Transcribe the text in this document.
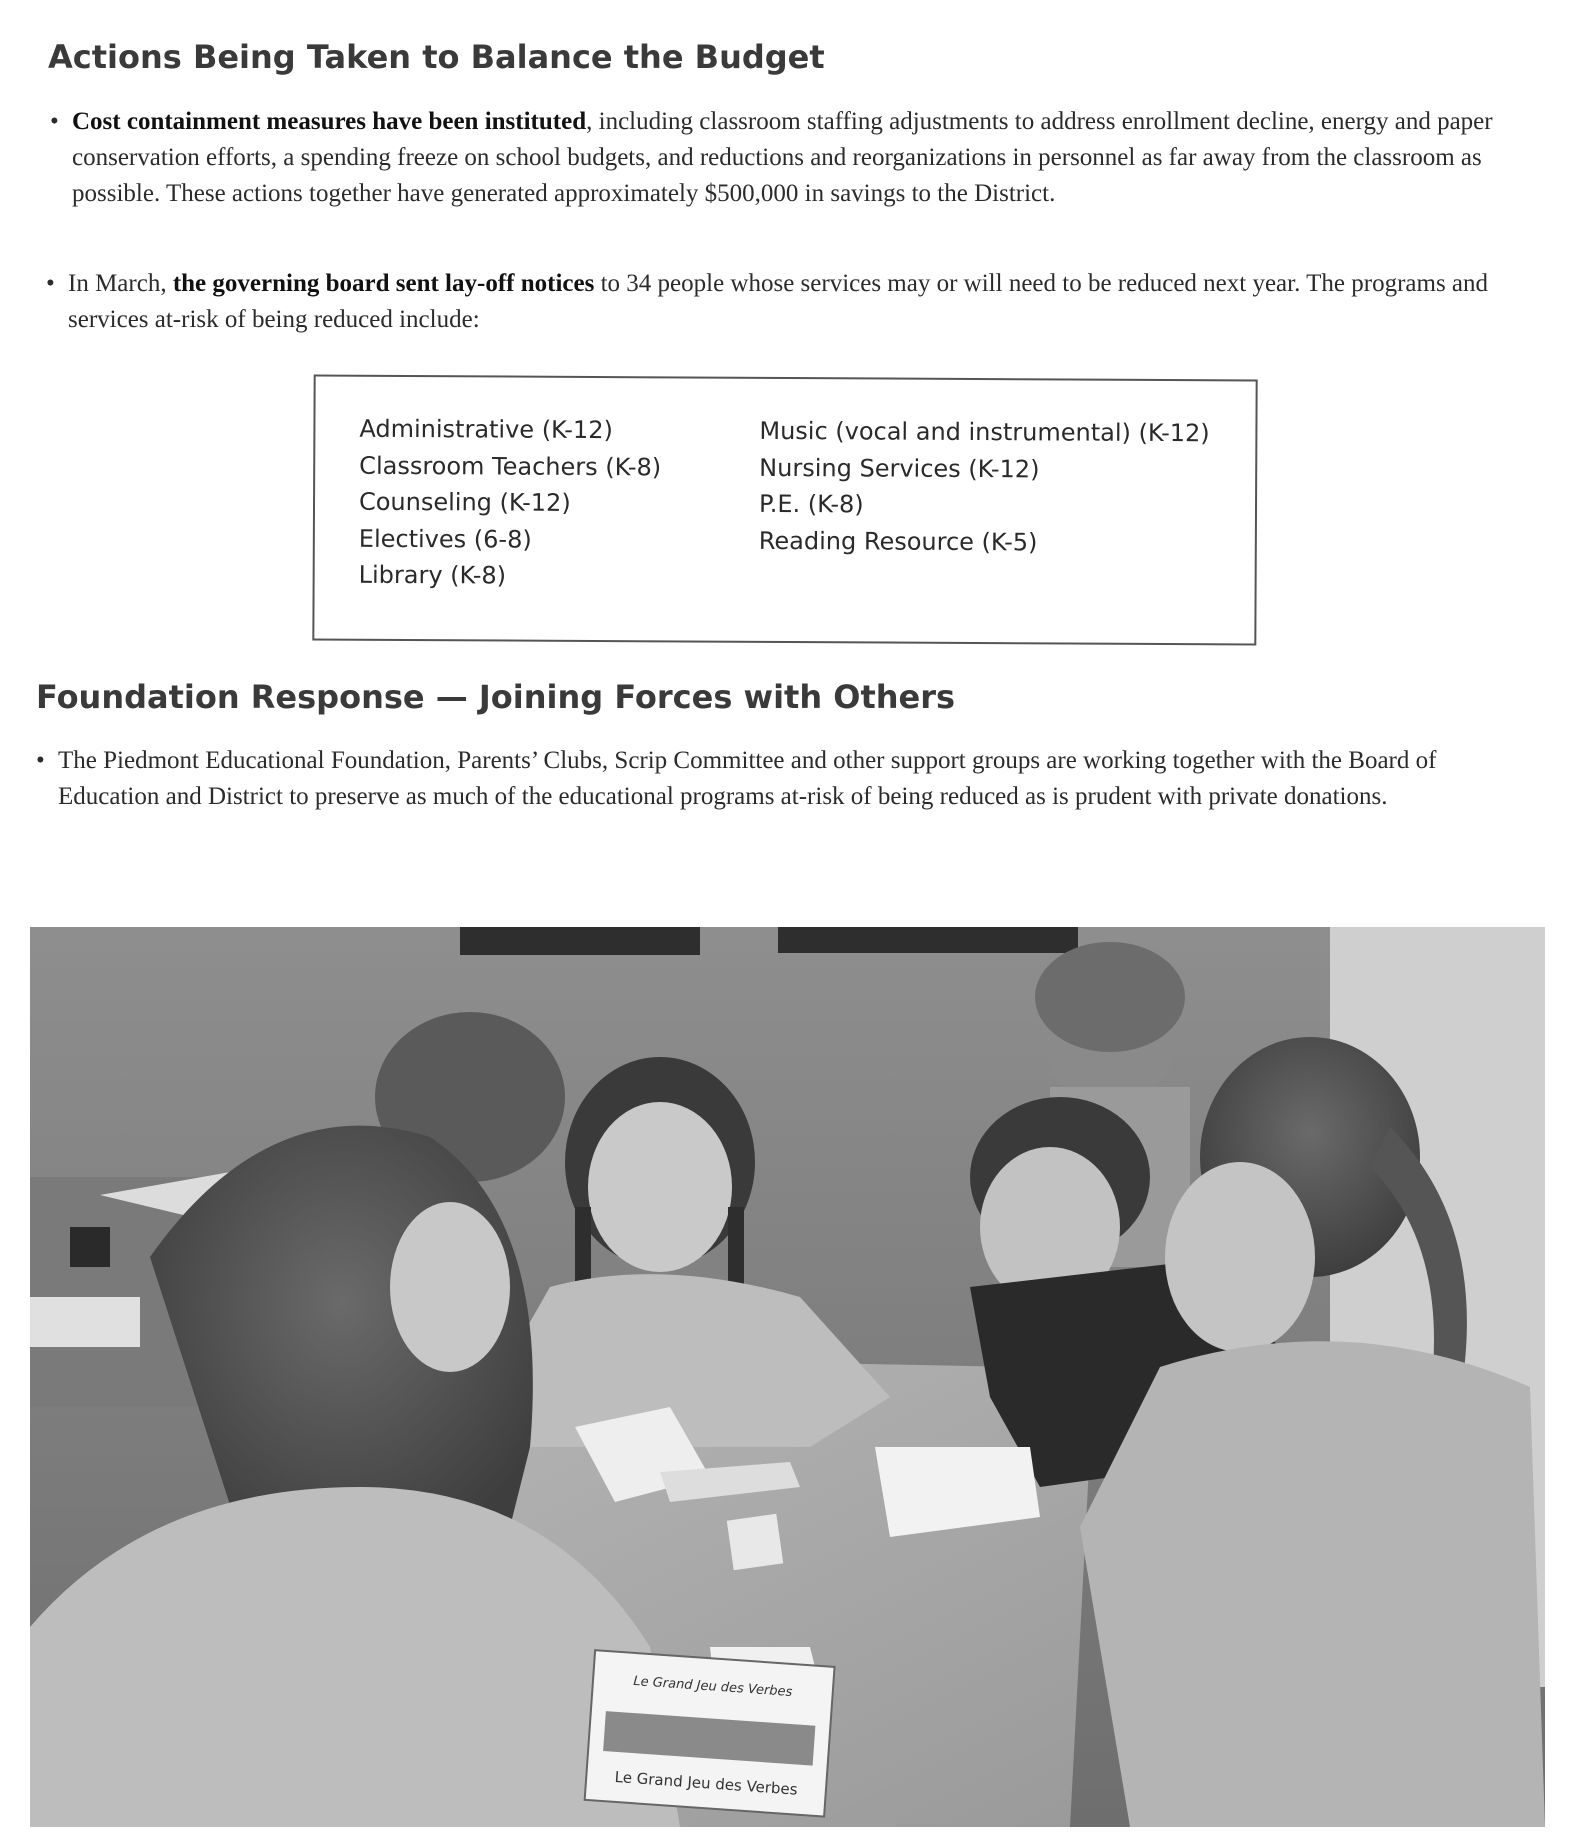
Actions Being Taken to Balance the Budget
• Cost containment measures have been instituted, including classroom staffing adjustments to address enrollment decline, energy and paper conservation efforts, a spending freeze on school budgets, and reductions and reorganizations in personnel as far away from the classroom as possible. These actions together have generated approximately $500,000 in savings to the District.
• In March, the governing board sent lay-off notices to 34 people whose services may or will need to be reduced next year. The programs and services at-risk of being reduced include:
Administrative (K-12)
Classroom Teachers (K-8)
Counseling (K-12)
Electives (6-8)
Library (K-8)
Music (vocal and instrumental) (K-12)
Nursing Services (K-12)
P.E. (K-8)
Reading Resource (K-5)
Foundation Response — Joining Forces with Others
• The Piedmont Educational Foundation, Parents’ Clubs, Scrip Committee and other support groups are working together with the Board of Education and District to preserve as much of the educational programs at-risk of being reduced as is prudent with private donations.
Le Grand Jeu des Verbes
Le Grand Jeu des Verbes
